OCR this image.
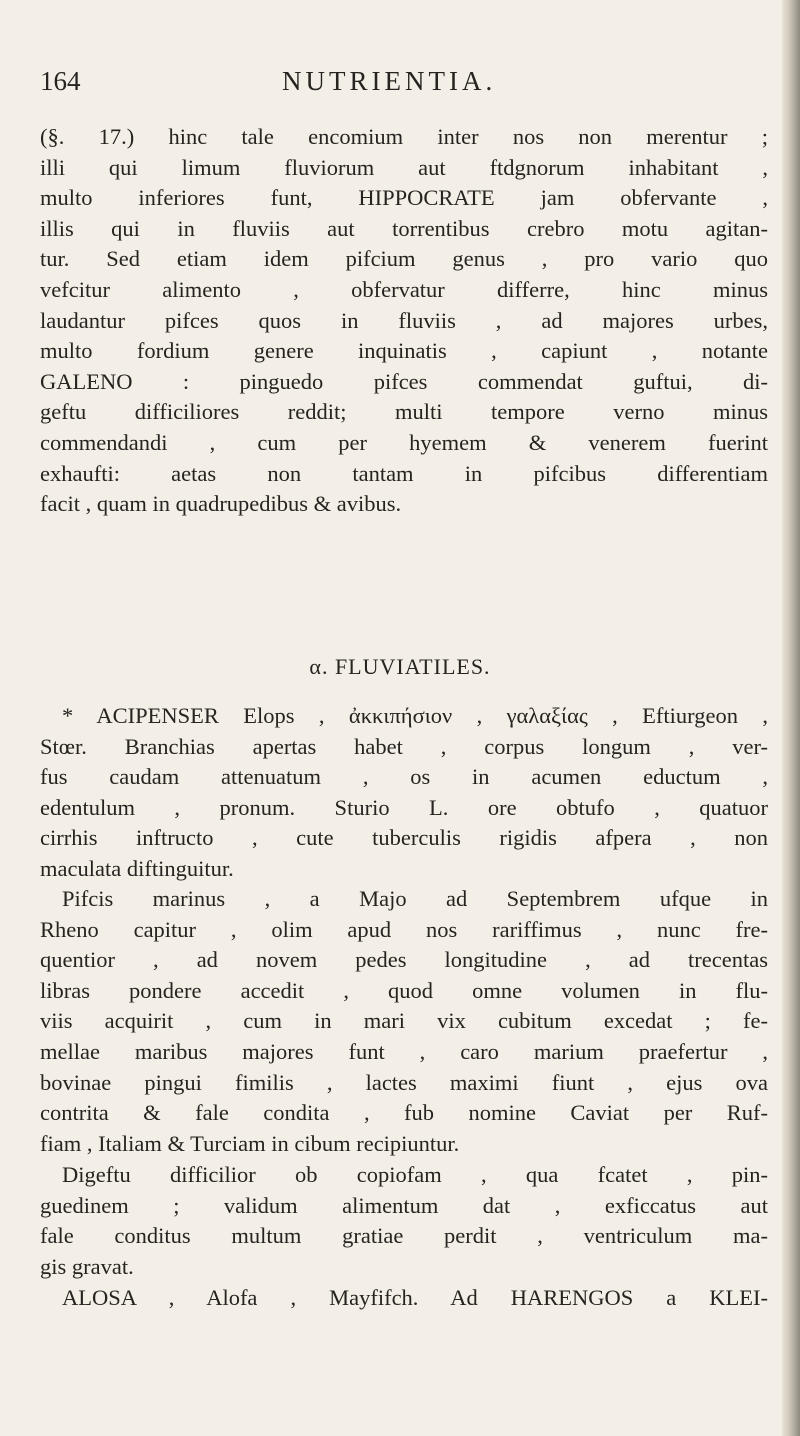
164	NUTRIENTIA.
(§. 17.) hinc tale encomium inter nos non merentur ;
illi qui limum fluviorum aut ftdgnorum inhabitant ,
multo inferiores funt, HIPPOCRATE jam obfervante ,
illis qui in fluviis aut torrentibus crebro motu agitan-
tur. Sed etiam idem pifcium genus , pro vario quo
vefcitur alimento , obfervatur differre, hinc minus
laudantur pifces quos in fluviis , ad majores urbes,
multo fordium genere inquinatis , capiunt , notante
GALENO : pinguedo pifces commendat guftui, di-
geftu difficiliores reddit; multi tempore verno minus
commendandi , cum per hyemem & venerem fuerint
exhaufti: aetas non tantam in pifcibus differentiam
facit , quam in quadrupedibus & avibus.
α. FLUVIATILES.
* ACIPENSER Elops , ἀκκιπήσιον , γαλαξίας , Eftiurgeon ,
Stœr. Branchias apertas habet , corpus longum , ver-
fus caudam attenuatum , os in acumen eductum ,
edentulum , pronum. Sturio L. ore obtufo , quatuor
cirrhis inftructo , cute tuberculis rigidis afpera , non
maculata diftinguitur.
Pifcis marinus , a Majo ad Septembrem ufque in
Rheno capitur , olim apud nos rariffimus , nunc fre-
quentior , ad novem pedes longitudine , ad trecentas
libras pondere accedit , quod omne volumen in flu-
viis acquirit , cum in mari vix cubitum excedat ; fe-
mellae maribus majores funt , caro marium praefertur ,
bovinae pingui fimilis , lactes maximi fiunt , ejus ova
contrita & fale condita , fub nomine Caviat per Ruf-
fiam , Italiam & Turciam in cibum recipiuntur.
Digeftu difficilior ob copiofam , qua fcatet , pin-
guedinem ; validum alimentum dat , exficcatus aut
fale conditus multum gratiae perdit , ventriculum ma-
gis gravat.
ALOSA , Alofa , Mayfifch. Ad HARENGOS a KLEI-
